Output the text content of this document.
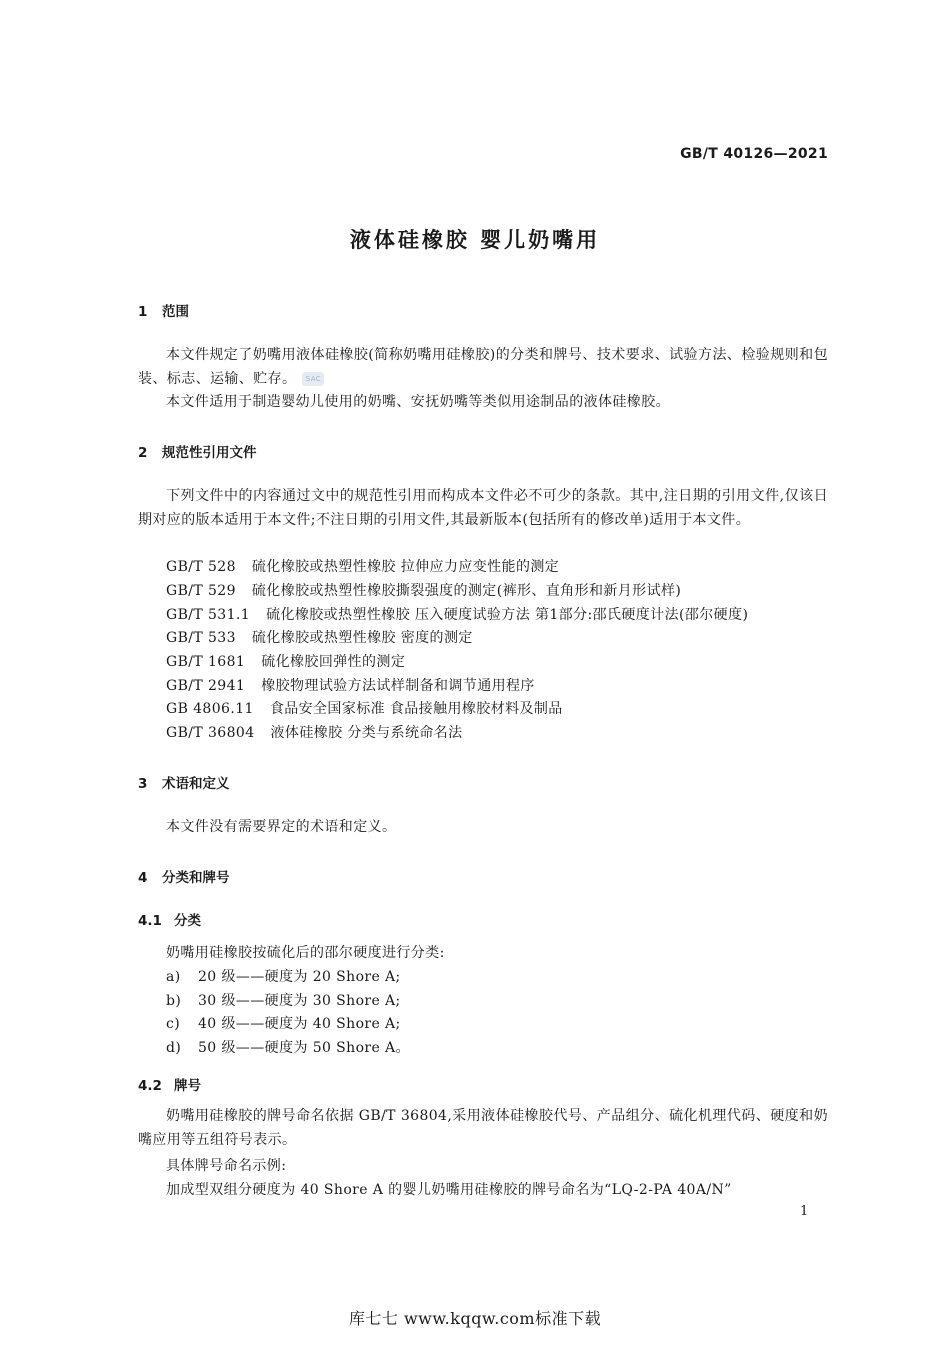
GB/T 40126—2021
液体硅橡胶 婴儿奶嘴用
1 范围
本文件规定了奶嘴用液体硅橡胶(简称奶嘴用硅橡胶)的分类和牌号、技术要求、试验方法、检验规则和包装、标志、运输、贮存。 SAC
本文件适用于制造婴幼儿使用的奶嘴、安抚奶嘴等类似用途制品的液体硅橡胶。
2 规范性引用文件
下列文件中的内容通过文中的规范性引用而构成本文件必不可少的条款。其中,注日期的引用文件,仅该日期对应的版本适用于本文件;不注日期的引用文件,其最新版本(包括所有的修改单)适用于本文件。
GB/T 528 硫化橡胶或热塑性橡胶 拉伸应力应变性能的测定
GB/T 529 硫化橡胶或热塑性橡胶撕裂强度的测定(裤形、直角形和新月形试样)
GB/T 531.1 硫化橡胶或热塑性橡胶 压入硬度试验方法 第1部分:邵氏硬度计法(邵尔硬度)
GB/T 533 硫化橡胶或热塑性橡胶 密度的测定
GB/T 1681 硫化橡胶回弹性的测定
GB/T 2941 橡胶物理试验方法试样制备和调节通用程序
GB 4806.11 食品安全国家标准 食品接触用橡胶材料及制品
GB/T 36804 液体硅橡胶 分类与系统命名法
3 术语和定义
本文件没有需要界定的术语和定义。
4 分类和牌号
4.1 分类
奶嘴用硅橡胶按硫化后的邵尔硬度进行分类:
a) 20 级——硬度为 20 Shore A;
b) 30 级——硬度为 30 Shore A;
c) 40 级——硬度为 40 Shore A;
d) 50 级——硬度为 50 Shore A。
4.2 牌号
奶嘴用硅橡胶的牌号命名依据 GB/T 36804,采用液体硅橡胶代号、产品组分、硫化机理代码、硬度和奶嘴应用等五组符号表示。
具体牌号命名示例:
加成型双组分硬度为 40 Shore A 的婴儿奶嘴用硅橡胶的牌号命名为“LQ-2-PA 40A/N”
1
库七七 www.kqqw.com标准下载
